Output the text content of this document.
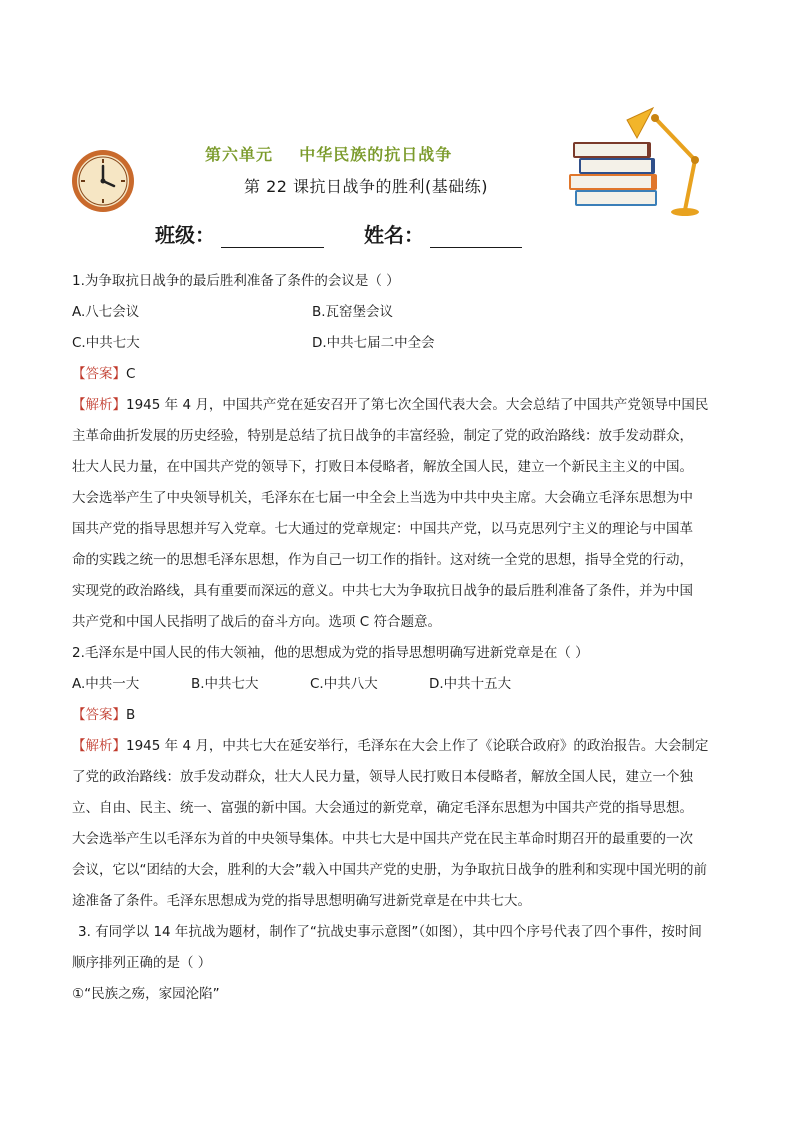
第六单元    中华民族的抗日战争
第 22 课抗日战争的胜利(基础练)
班级：	姓名：

1.为争取抗日战争的最后胜利准备了条件的会议是（ ）

A.八七会议	B.瓦窑堡会议
C.中共七大	D.中共七届二中全会

【答案】C

【解析】1945 年 4 月，中国共产党在延安召开了第七次全国代表大会。大会总结了中国共产党领导中国民

主革命曲折发展的历史经验，特别是总结了抗日战争的丰富经验，制定了党的政治路线：放手发动群众，

壮大人民力量，在中国共产党的领导下，打败日本侵略者，解放全国人民，建立一个新民主主义的中国。

大会选举产生了中央领导机关，毛泽东在七届一中全会上当选为中共中央主席。大会确立毛泽东思想为中

国共产党的指导思想并写入党章。七大通过的党章规定：中国共产党，以马克思列宁主义的理论与中国革

命的实践之统一的思想毛泽东思想，作为自己一切工作的指针。这对统一全党的思想，指导全党的行动，

实现党的政治路线，具有重要而深远的意义。中共七大为争取抗日战争的最后胜利准备了条件，并为中国

共产党和中国人民指明了战后的奋斗方向。选项 C 符合题意。

2.毛泽东是中国人民的伟大领袖，他的思想成为党的指导思想明确写进新党章是在（ ）

A.中共一大	B.中共七大	C.中共八大	D.中共十五大

【答案】B

【解析】1945 年 4 月，中共七大在延安举行，毛泽东在大会上作了《论联合政府》的政治报告。大会制定

了党的政治路线：放手发动群众，壮大人民力量，领导人民打败日本侵略者，解放全国人民，建立一个独

立、自由、民主、统一、富强的新中国。大会通过的新党章，确定毛泽东思想为中国共产党的指导思想。

大会选举产生以毛泽东为首的中央领导集体。中共七大是中国共产党在民主革命时期召开的最重要的一次

会议，它以“团结的大会，胜利的大会”载入中国共产党的史册，为争取抗日战争的胜利和实现中国光明的前

途准备了条件。毛泽东思想成为党的指导思想明确写进新党章是在中共七大。

3. 有同学以 14 年抗战为题材，制作了“抗战史事示意图”（如图），其中四个序号代表了四个事件，按时间

顺序排列正确的是（ ）

①“民族之殇，家园沦陷”
